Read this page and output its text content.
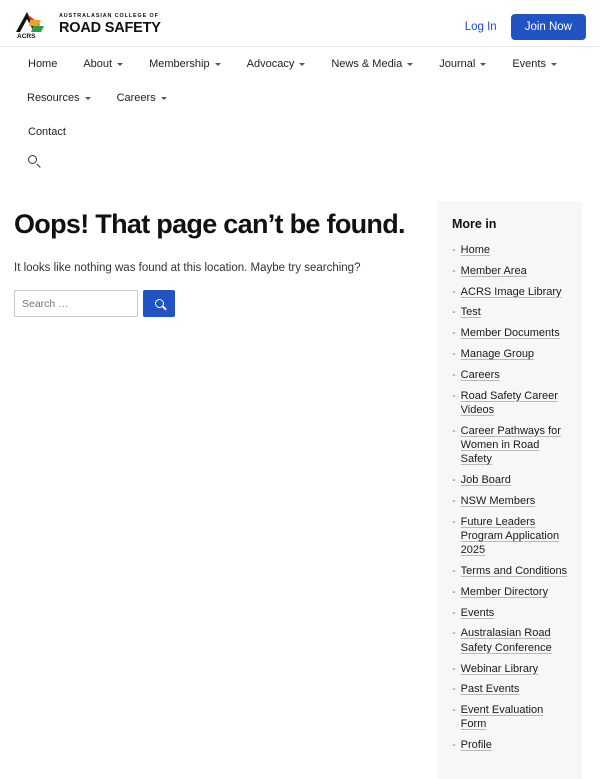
ACRS
AUSTRALASIAN COLLEGE OF
ROAD SAFETY	Log In	Join Now
Home About	Membership	Advocacy	News & Media	Journal	Events
Resources	Careers
Contact
Oops! That page can’t be found.

It looks like nothing was found at this location. Maybe try searching?

Search …
More in
- Home
- Member Area
- ACRS Image Library
- Test
- Member Documents
- Manage Group
- Careers
- Road Safety Career Videos
- Career Pathways for Women in Road Safety
- Job Board
- NSW Members
- Future Leaders Program Application 2025
- Terms and Conditions
- Member Directory
- Events
- Australasian Road Safety Conference
- Webinar Library
- Past Events
- Event Evaluation Form
- Profile
